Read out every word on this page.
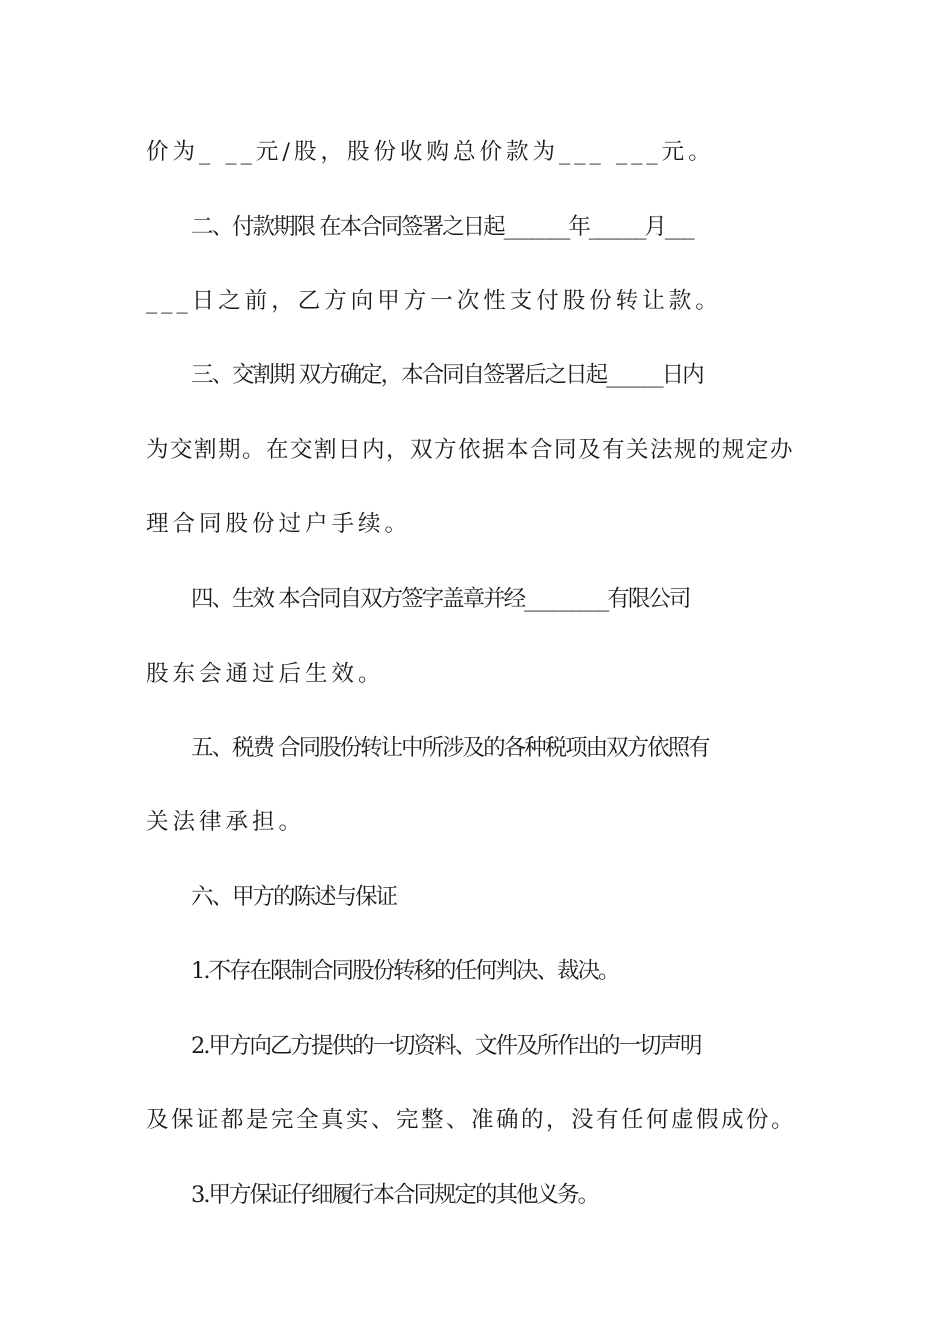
价为_ __元/股，股份收购总价款为___ ___元。
二、付款期限 在本合同签署之日起_______年______月___
___日之前，乙方向甲方一次性支付股份转让款。
三、交割期 双方确定，本合同自签署后之日起______日内
为交割期。在交割日内，双方依据本合同及有关法规的规定办
理合同股份过户手续。
四、生效 本合同自双方签字盖章并经_________有限公司
股东会通过后生效。
五、税费 合同股份转让中所涉及的各种税项由双方依照有
关法律承担。
六、甲方的陈述与保证
1.不存在限制合同股份转移的任何判决、裁决。
2.甲方向乙方提供的一切资料、文件及所作出的一切声明
及保证都是完全真实、完整、准确的，没有任何虚假成份。
3.甲方保证仔细履行本合同规定的其他义务。
